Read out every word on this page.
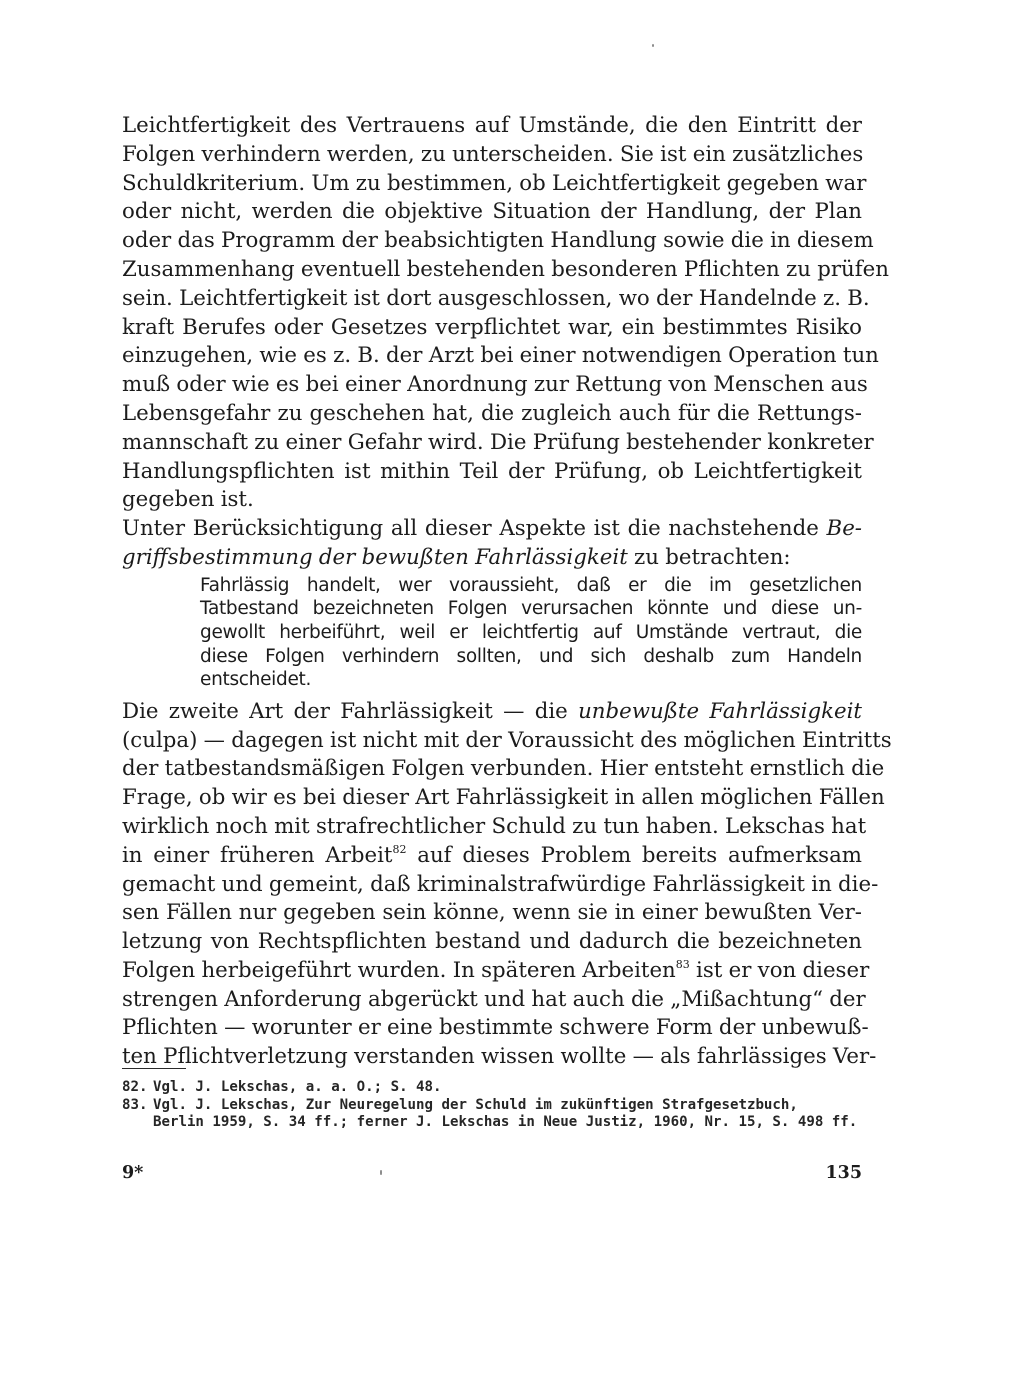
Leichtfertigkeit des Vertrauens auf Umstände, die den Eintritt der
Folgen verhindern werden, zu unterscheiden. Sie ist ein zusätzliches
Schuldkriterium. Um zu bestimmen, ob Leichtfertigkeit gegeben war
oder nicht, werden die objektive Situation der Handlung, der Plan
oder das Programm der beabsichtigten Handlung sowie die in diesem
Zusammenhang eventuell bestehenden besonderen Pflichten zu prüfen
sein. Leichtfertigkeit ist dort ausgeschlossen, wo der Handelnde z. B.
kraft Berufes oder Gesetzes verpflichtet war, ein bestimmtes Risiko
einzugehen, wie es z. B. der Arzt bei einer notwendigen Operation tun
muß oder wie es bei einer Anordnung zur Rettung von Menschen aus
Lebensgefahr zu geschehen hat, die zugleich auch für die Rettungs-
mannschaft zu einer Gefahr wird. Die Prüfung bestehender konkreter
Handlungspflichten ist mithin Teil der Prüfung, ob Leichtfertigkeit
gegeben ist.
Unter Berücksichtigung all dieser Aspekte ist die nachstehende Be-
griffsbestimmung der bewußten Fahrlässigkeit zu betrachten:
Fahrlässig handelt, wer voraussieht, daß er die im gesetzlichen
Tatbestand bezeichneten Folgen verursachen könnte und diese un-
gewollt herbeiführt, weil er leichtfertig auf Umstände vertraut, die
diese Folgen verhindern sollten, und sich deshalb zum Handeln
entscheidet.
Die zweite Art der Fahrlässigkeit — die unbewußte Fahrlässigkeit
(culpa) — dagegen ist nicht mit der Voraussicht des möglichen Eintritts
der tatbestandsmäßigen Folgen verbunden. Hier entsteht ernstlich die
Frage, ob wir es bei dieser Art Fahrlässigkeit in allen möglichen Fällen
wirklich noch mit strafrechtlicher Schuld zu tun haben. Lekschas hat
in einer früheren Arbeit$^{82}$ auf dieses Problem bereits aufmerksam
gemacht und gemeint, daß kriminalstrafwürdige Fahrlässigkeit in die-
sen Fällen nur gegeben sein könne, wenn sie in einer bewußten Ver-
letzung von Rechtspflichten bestand und dadurch die bezeichneten
Folgen herbeigeführt wurden. In späteren Arbeiten$^{83}$ ist er von dieser
strengen Anforderung abgerückt und hat auch die „Mißachtung“ der
Pflichten — worunter er eine bestimmte schwere Form der unbewuß-
ten Pflichtverletzung verstanden wissen wollte — als fahrlässiges Ver-
82. Vgl. J. Lekschas, a. a. O.; S. 48.
83. Vgl. J. Lekschas, Zur Neuregelung der Schuld im zukünftigen Strafgesetzbuch,
Berlin 1959, S. 34 ff.; ferner J. Lekschas in Neue Justiz, 1960, Nr. 15, S. 498 ff.
9*	135
